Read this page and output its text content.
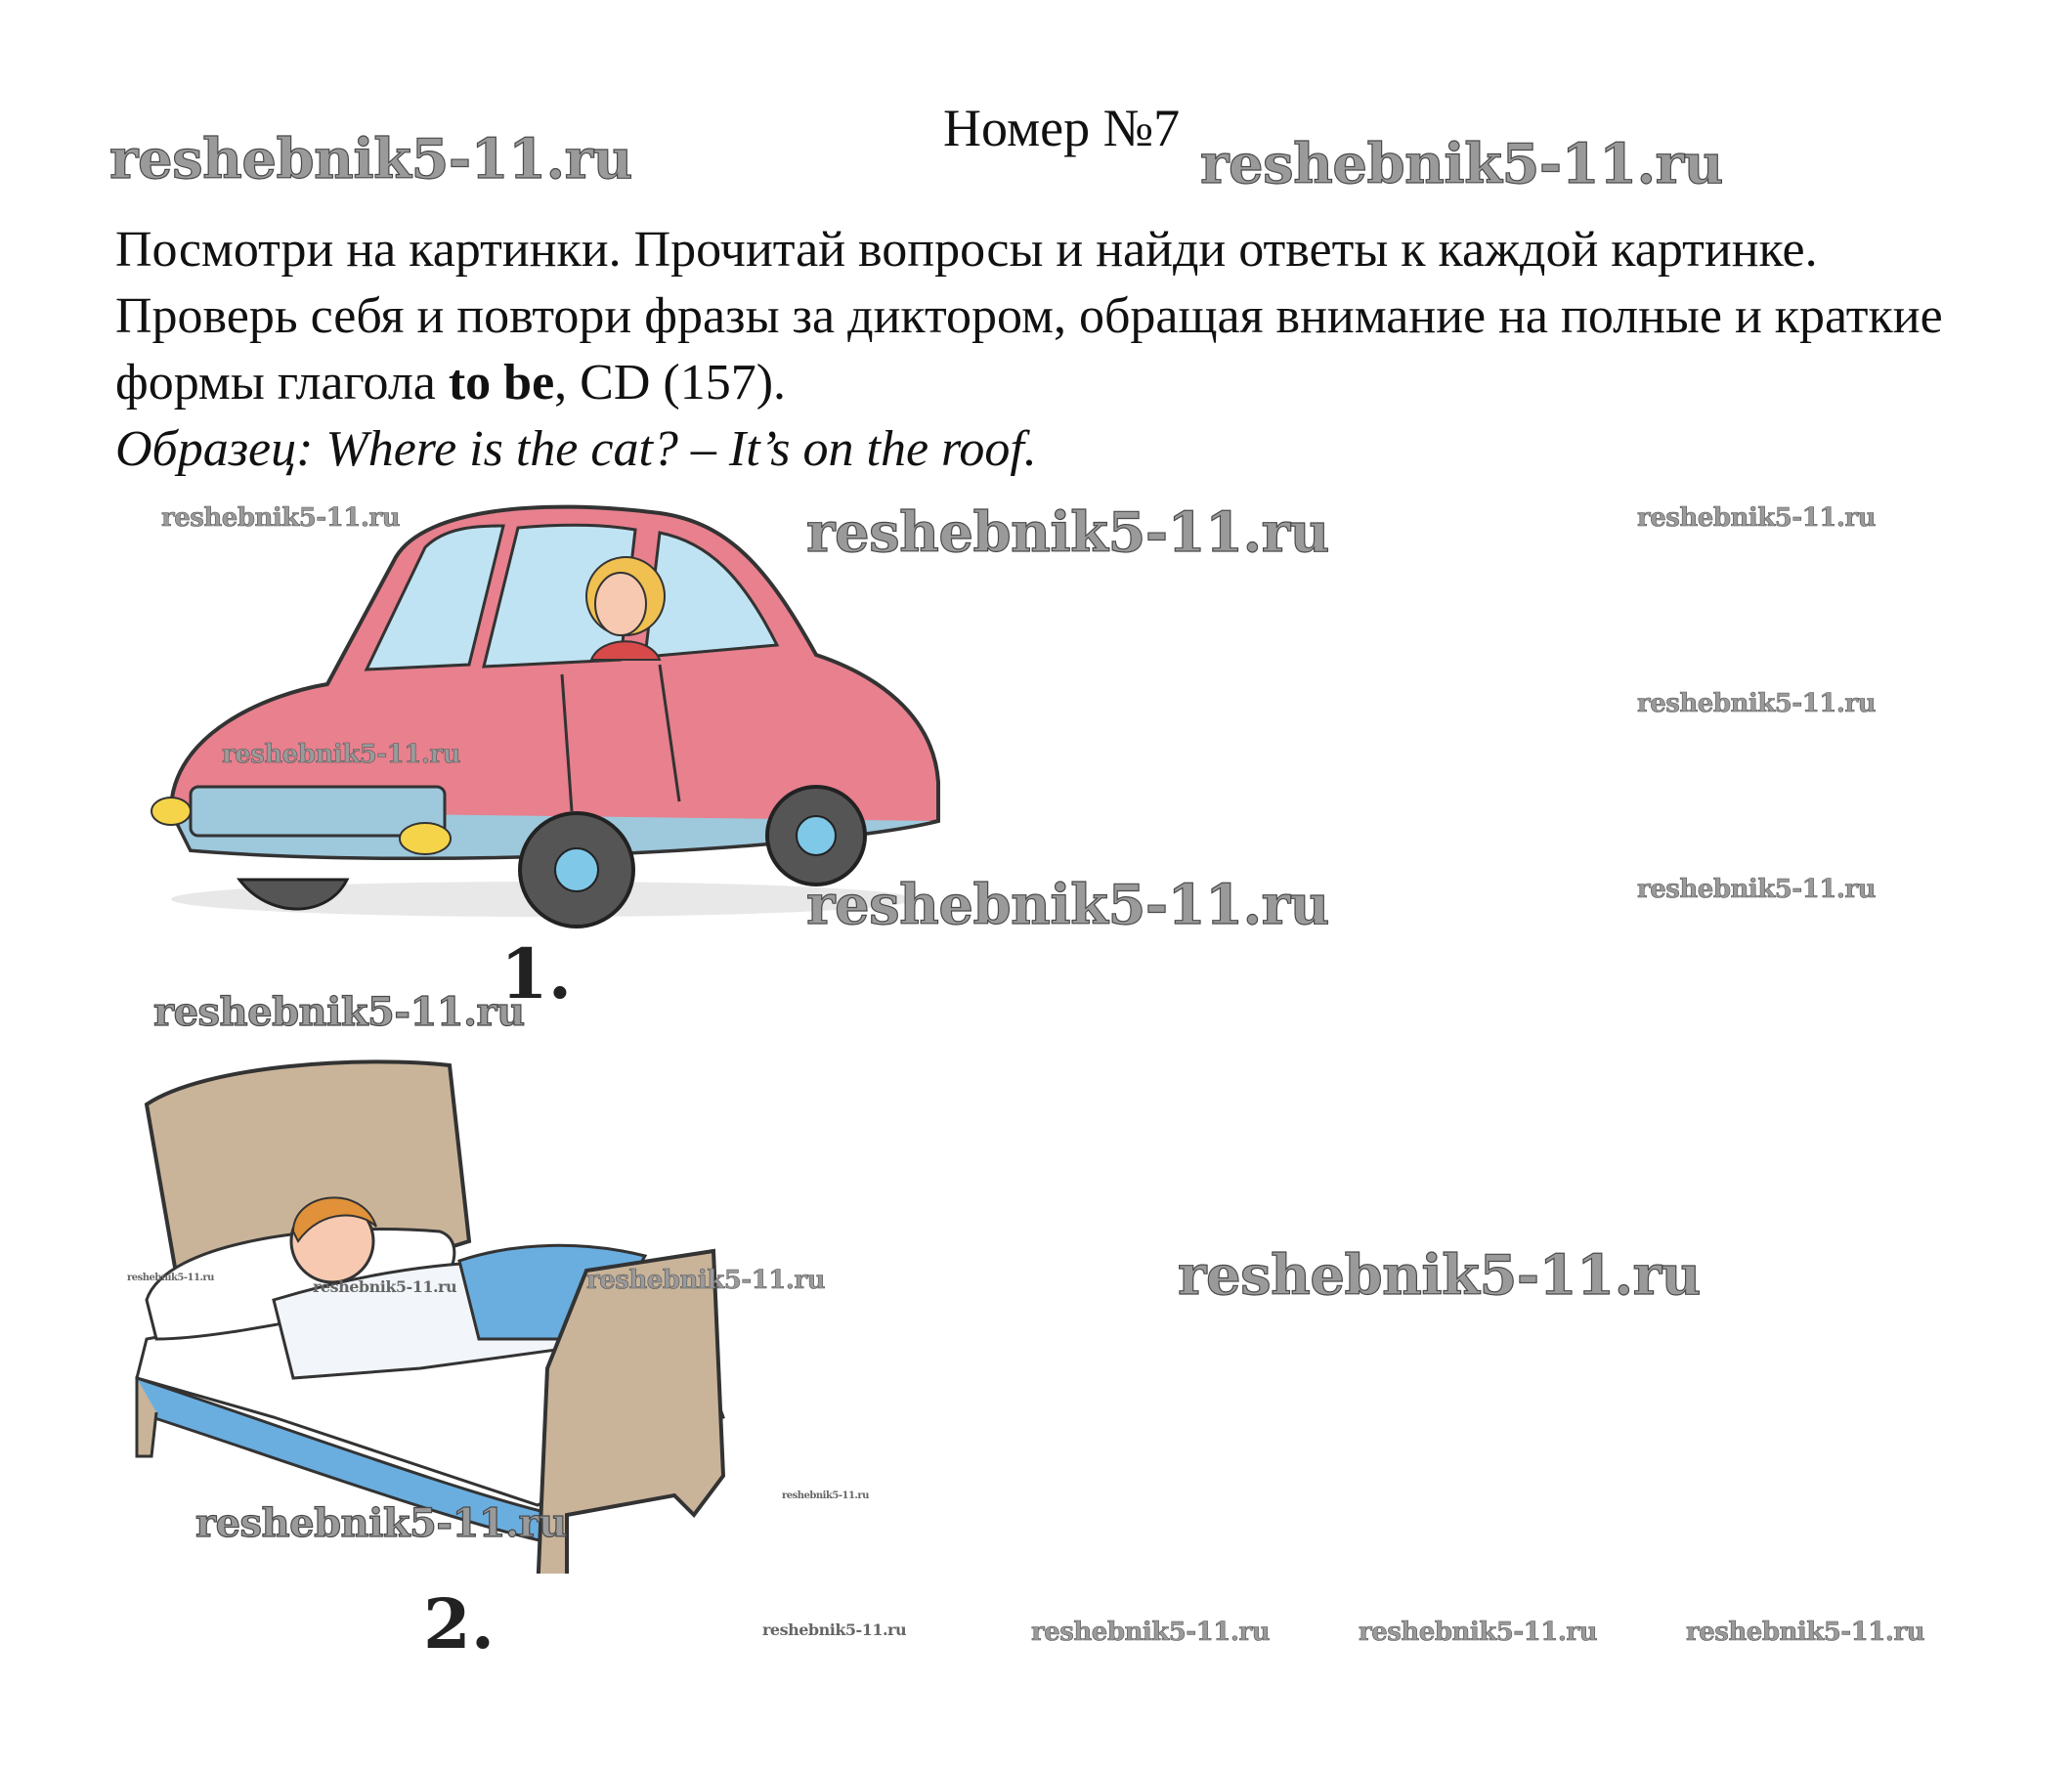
Номер №7
Посмотри на картинки. Прочитай вопросы и найди ответы к каждой картинке. Проверь себя и повтори фразы за диктором, обращая внимание на полные и краткие формы глагола to be, CD (157).
Образец: Where is the cat? – It’s on the roof.
1.
2.
reshebnik5-11.ru	reshebnik5-11.ru
reshebnik5-11.ru
reshebnik5-11.ru
reshebnik5-11.ru
reshebnik5-11.ru
reshebnik5-11.ru
reshebnik5-11.ru	reshebnik5-11.ru
reshebnik5-11.ru
reshebnik5-11.ru
reshebnik5-11.ru
reshebnik5-11.ru
reshebnik5-11.ru	reshebnik5-11.ru	reshebnik5-11.ru
reshebnik5-11.ru
reshebnik5-11.ru
reshebnik5-11.ru
reshebnik5-11.ru
